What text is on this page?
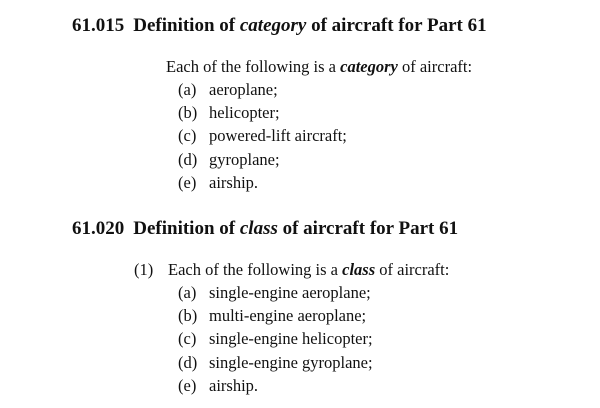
61.015 Definition of category of aircraft for Part 61
Each of the following is a category of aircraft:
(a) aeroplane;
(b) helicopter;
(c) powered-lift aircraft;
(d) gyroplane;
(e) airship.
61.020 Definition of class of aircraft for Part 61
(1) Each of the following is a class of aircraft:
(a) single-engine aeroplane;
(b) multi-engine aeroplane;
(c) single-engine helicopter;
(d) single-engine gyroplane;
(e) airship.
